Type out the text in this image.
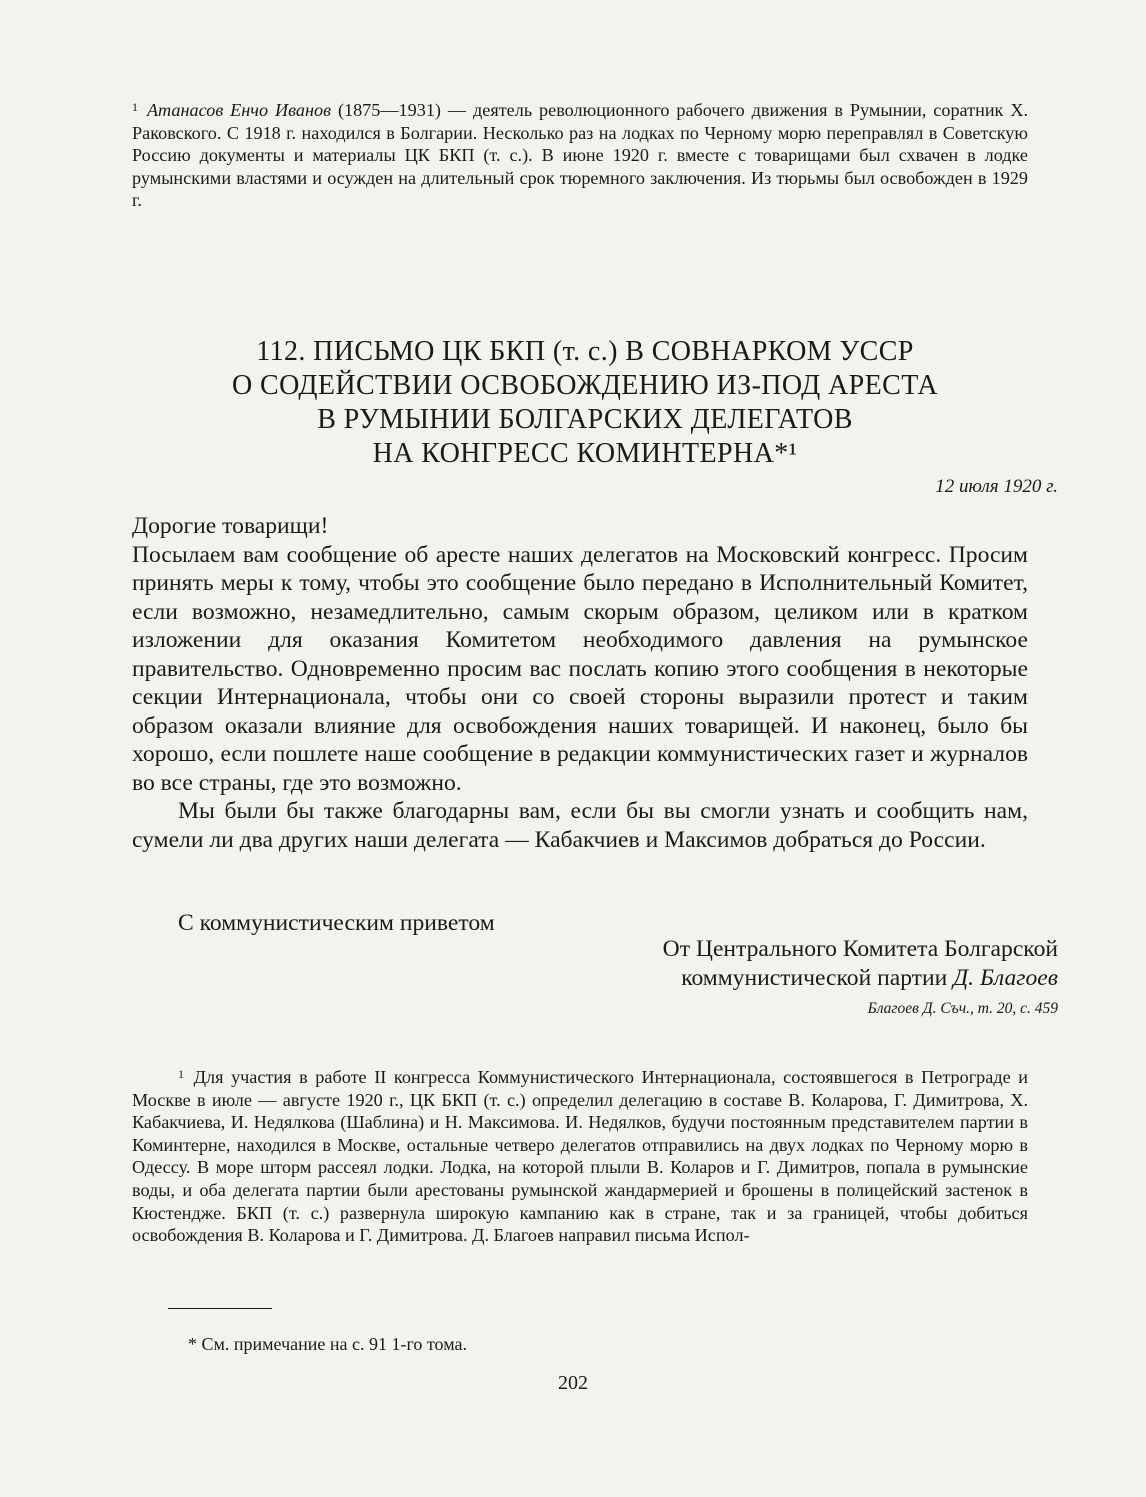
$^1$ Атанасов Енчо Иванов (1875—1931) — деятель революционного рабочего движения в Румынии, соратник Х. Раковского. С 1918 г. находился в Болгарии. Несколько раз на лодках по Черному морю переправлял в Советскую Россию документы и материалы ЦК БКП (т. с.). В июне 1920 г. вместе с товарищами был схвачен в лодке румынскими властями и осужден на длительный срок тюремного заключения. Из тюрьмы был освобожден в 1929 г.
112. ПИСЬМО ЦК БКП (т. с.) В СОВНАРКОМ УССР
О СОДЕЙСТВИИ ОСВОБОЖДЕНИЮ ИЗ-ПОД АРЕСТА
В РУМЫНИИ БОЛГАРСКИХ ДЕЛЕГАТОВ
НА КОНГРЕСС КОМИНТЕРНА*¹
12 июля 1920 г.

Дорогие товарищи!

Посылаем вам сообщение об аресте наших делегатов на Московский конгресс. Просим принять меры к тому, чтобы это сообщение было передано в Исполнительный Комитет, если возможно, незамедлительно, самым скорым образом, целиком или в кратком изложении для оказания Комитетом необходимого давления на румынское правительство. Одновременно просим вас послать копию этого сообщения в некоторые секции Интернационала, чтобы они со своей стороны выразили протест и таким образом оказали влияние для освобождения наших товарищей. И наконец, было бы хорошо, если пошлете наше сообщение в редакции коммунистических газет и журналов во все страны, где это возможно.

Мы были бы также благодарны вам, если бы вы смогли узнать и сообщить нам, сумели ли два других наши делегата — Кабакчиев и Максимов добраться до России.

С коммунистическим приветом
От Центрального Комитета Болгарской
коммунистической партии Д. Благоев
Благоев Д. Съч., т. 20, с. 459
$^1$ Для участия в работе II конгресса Коммунистического Интернационала, состоявшегося в Петрограде и Москве в июле — августе 1920 г., ЦК БКП (т. с.) определил делегацию в составе В. Коларова, Г. Димитрова, Х. Кабакчиева, И. Недялкова (Шаблина) и Н. Максимова. И. Недялков, будучи постоянным представителем партии в Коминтерне, находился в Москве, остальные четверо делегатов отправились на двух лодках по Черному морю в Одессу. В море шторм рассеял лодки. Лодка, на которой плыли В. Коларов и Г. Димитров, попала в румынские воды, и оба делегата партии были арестованы румынской жандармерией и брошены в полицейский застенок в Кюстендже. БКП (т. с.) развернула широкую кампанию как в стране, так и за границей, чтобы добиться освобождения В. Коларова и Г. Димитрова. Д. Благоев направил письма Испол-
* См. примечание на с. 91 1-го тома.
202
